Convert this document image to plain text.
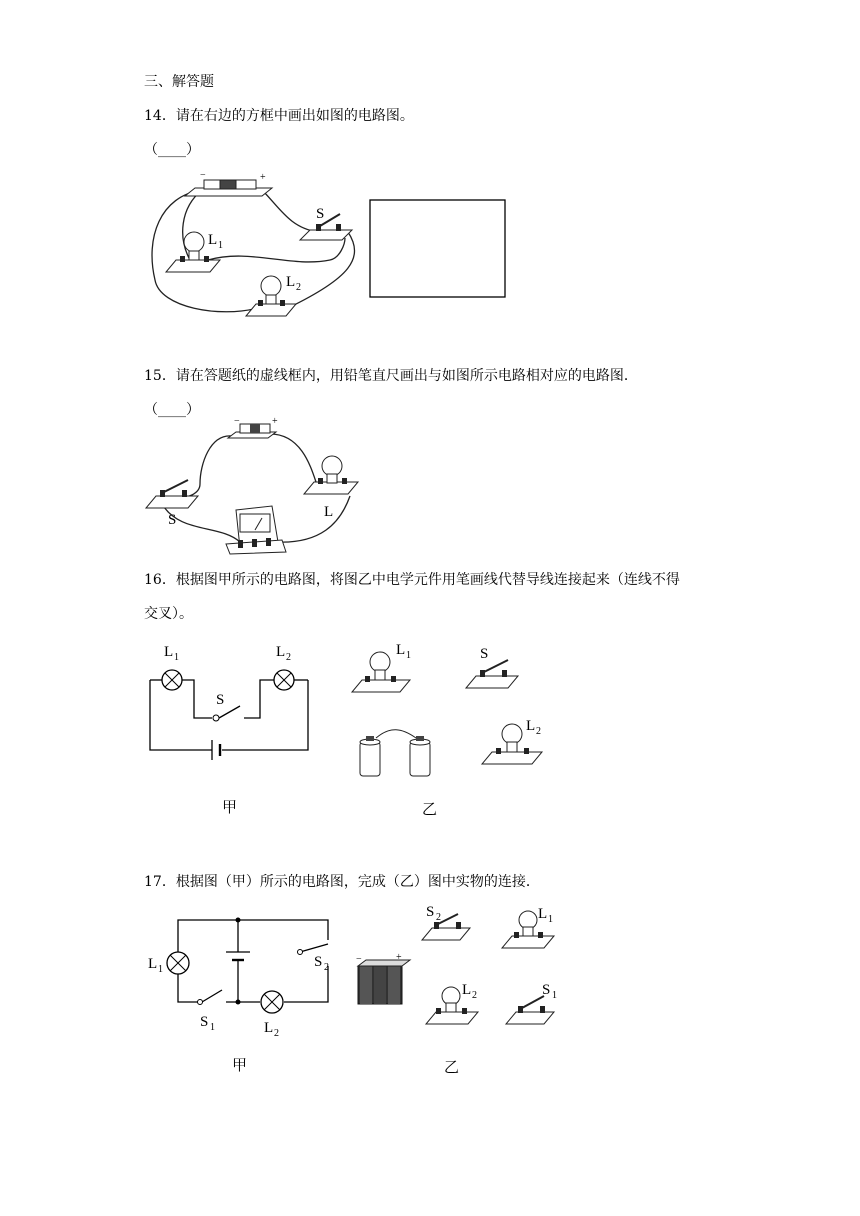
三、解答题
14．请在右边的方框中画出如图的电路图。
（____）
−	+
S
L 1
L 2
15．请在答题纸的虚线框内，用铅笔直尺画出与如图所示电路相对应的电路图．
（____）
−	+
S	L
16．根据图甲所示的电路图，将图乙中电学元件用笔画线代替导线连接起来（连线不得
交叉）。
L 1	L 2
S
甲
L 1	S
L 2
乙
17．根据图（甲）所示的电路图，完成（乙）图中实物的连接．
L 1
L 2
S 1
S 2
甲
S 2	L 1
−	+
L 2	S 1
乙
